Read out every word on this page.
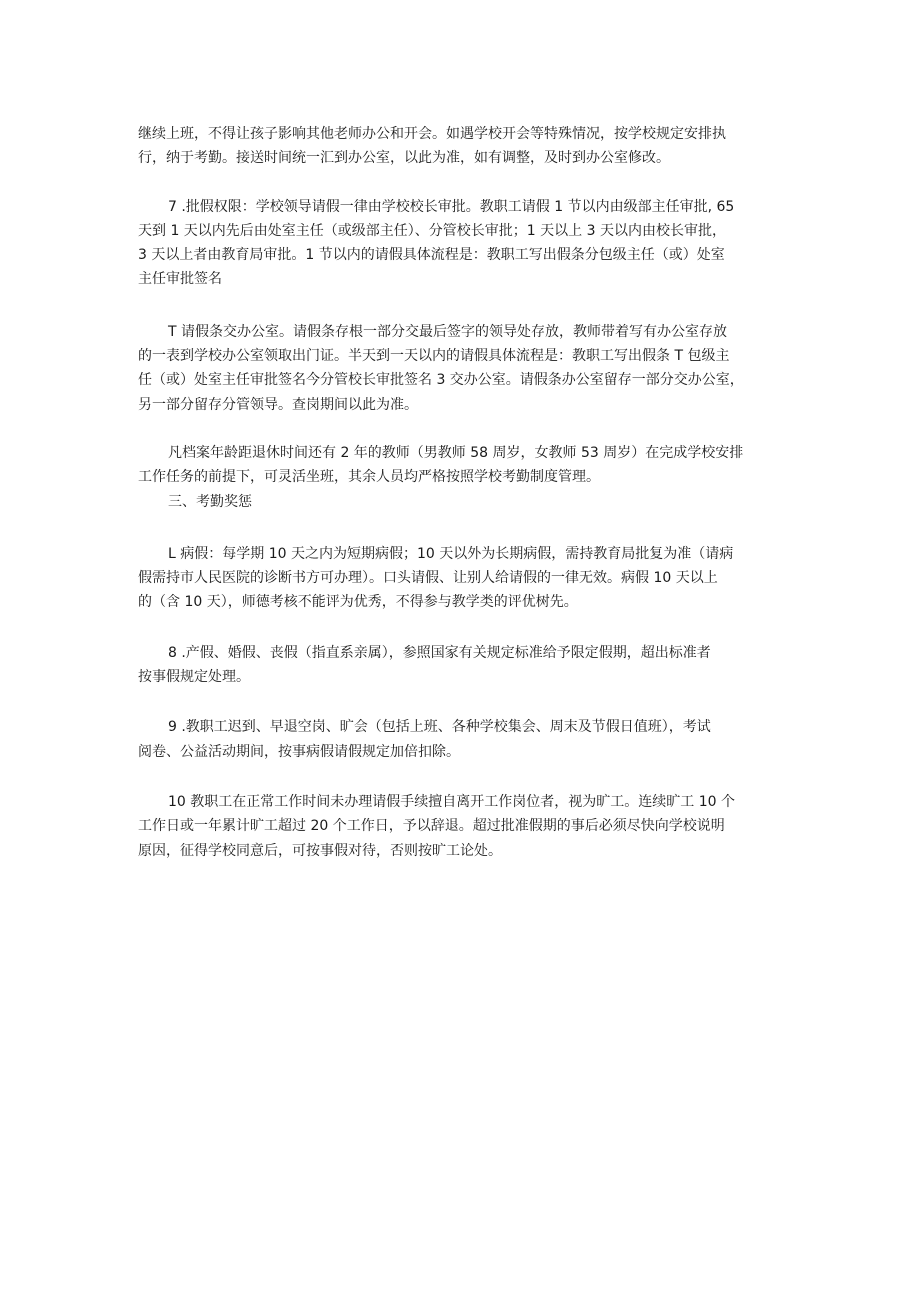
继续上班，不得让孩子影响其他老师办公和开会。如遇学校开会等特殊情况，按学校规定安排执
行，纳于考勤。接送时间统一汇到办公室，以此为准，如有调整，及时到办公室修改。

7 .批假权限：学校领导请假一律由学校校长审批。教职工请假 1 节以内由级部主任审批, 65
天到 1 天以内先后由处室主任（或级部主任）、分管校长审批；1 天以上 3 天以内由校长审批，
3 天以上者由教育局审批。1 节以内的请假具体流程是：教职工写出假条分包级主任（或）处室
主任审批签名

T 请假条交办公室。请假条存根一部分交最后签字的领导处存放，教师带着写有办公室存放
的一表到学校办公室领取出门证。半天到一天以内的请假具体流程是：教职工写出假条 T 包级主
任（或）处室主任审批签名今分管校长审批签名 3 交办公室。请假条办公室留存一部分交办公室，
另一部分留存分管领导。查岗期间以此为准。

凡档案年龄距退休时间还有 2 年的教师（男教师 58 周岁，女教师 53 周岁）在完成学校安排
工作任务的前提下，可灵活坐班，其余人员均严格按照学校考勤制度管理。

三、考勤奖惩

L 病假：每学期 10 天之内为短期病假；10 天以外为长期病假，需持教育局批复为准（请病
假需持市人民医院的诊断书方可办理）。口头请假、让别人给请假的一律无效。病假 10 天以上
的（含 10 天），师德考核不能评为优秀，不得参与教学类的评优树先。

8 .产假、婚假、丧假（指直系亲属），参照国家有关规定标准给予限定假期，超出标准者
按事假规定处理。

9 .教职工迟到、早退空岗、旷会（包括上班、各种学校集会、周末及节假日值班），考试
阅卷、公益活动期间，按事病假请假规定加倍扣除。

10 教职工在正常工作时间未办理请假手续擅自离开工作岗位者，视为旷工。连续旷工 10 个
工作日或一年累计旷工超过 20 个工作日，予以辞退。超过批准假期的事后必须尽快向学校说明
原因，征得学校同意后，可按事假对待，否则按旷工论处。
